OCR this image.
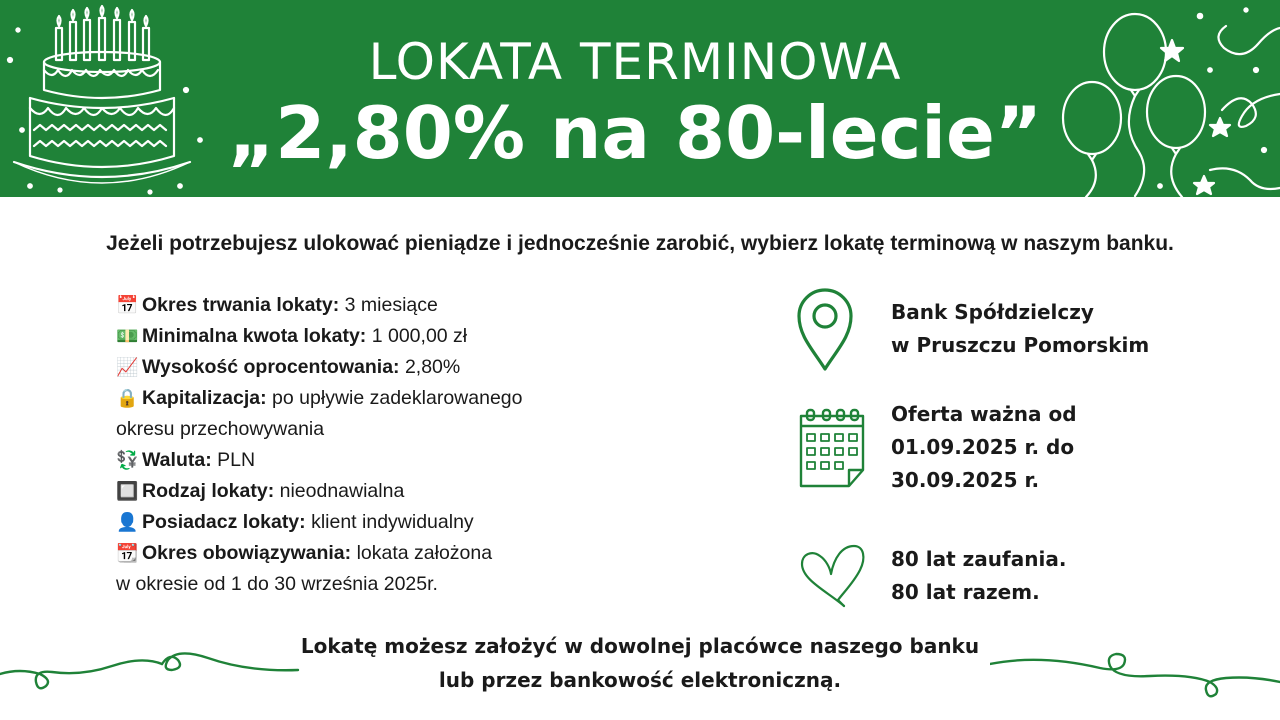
LOKATA TERMINOWA
„2,80% na 80-lecie”
Jeżeli potrzebujesz ulokować pieniądze i jednocześnie zarobić, wybierz lokatę terminową w naszym banku.
📅 Okres trwania lokaty: 3 miesiące
💵 Minimalna kwota lokaty: 1 000,00 zł
📈 Wysokość oprocentowania: 2,80%
🔒 Kapitalizacja: po upływie zadeklarowanego
okresu przechowywania
💱 Waluta: PLN
🔲 Rodzaj lokaty: nieodnawialna
👤 Posiadacz lokaty: klient indywidualny
📆 Okres obowiązywania: lokata założona
w okresie od 1 do 30 września 2025r.
Bank Spółdzielczy
w Pruszczu Pomorskim
Oferta ważna od
01.09.2025 r. do
30.09.2025 r.
80 lat zaufania.
80 lat razem.
Lokatę możesz założyć w dowolnej placówce naszego banku
lub przez bankowość elektroniczną.
